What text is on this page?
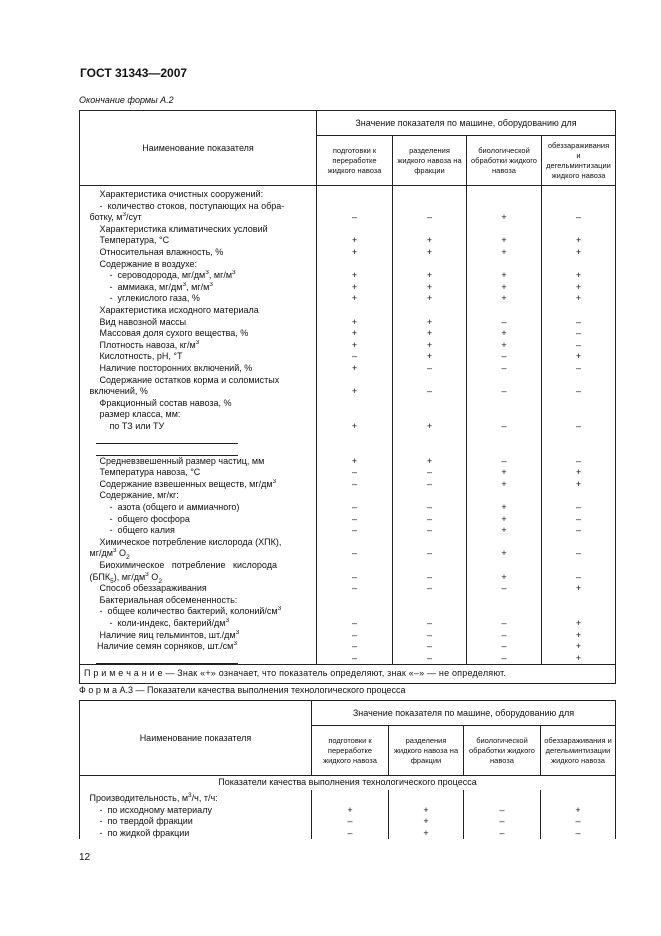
ГОСТ 31343—2007
Окончание формы А.2
Наименование показателя	Значение показателя по машине, оборудованию для			
	подготовки к переработке жидкого навоза	разделения жидкого навоза на фракции	биологической обработки жидкого навоза	обеззараживания и дегельминтизации жидкого навоза
Характеристика очистных сооружений:				
-  количество стоков, поступающих на обра-				
ботку, $м^3$/сут	–	–	+	–
Характеристика климатических условий				
Температура, °С	+	+	+	+
Относительная влажность, %	+	+	+	+
Содержание в воздухе:				
-  сероводорода, $мг/дм^3$, $мг/м^3$	+	+	+	+
-  аммиака, $мг/дм^3$, $мг/м^3$	+	+	+	+
-  углекислого газа, %	+	+	+	+
Характеристика исходного материала				
Вид навозной массы	+	+	–	–
Массовая доля сухого вещества, %	+	+	+	–
Плотность навоза, $кг/м^3$	+	+	+	–
Кислотность, рН, °Т	–	+	–	+
Наличие посторонних включений, %	+	–	–	–
Содержание остатков корма и соломистых				
включений, %	+	–	–	–
Фракционный состав навоза, %				
размер класса, мм:				
по ТЗ или ТУ	+	+	–	–

Средневзвешенный размер частиц, мм	+	+	–	–
Температура навоза, °С	–	–	+	+
Содержание взвешенных веществ, $мг/дм^3$	–	–	+	+
Содержание, мг/кг:				
-  азота (общего и аммиачного)	–	–	+	–
-  общего фосфора	–	–	+	–
-  общего калия	–	–	+	–
Химическое потребление кислорода (ХПК),				
$мг/дм^3$ $О_2$	–	–	+	–
Биохимическое   потребление   кислорода				
$(БПК_5)$, $мг/дм^3$ $О_2$	–	–	+	–
Способ обеззараживания	–	–	–	+
Бактериальная обсемененность:				
-  общее количество бактерий, колоний/$см^3$				
-  коли-индекс, бактерий/$дм^3$	–	–	–	+
Наличие яиц гельминтов, $шт./дм^3$	–	–	–	+
Наличие семян сорняков, $шт./см^3$	–	–	–	+
	–	–	–	+
П р и м е ч а н и е — Знак «+» означает, что показатель определяют, знак «–» — не определяют.				
Ф о р м а А.3 — Показатели качества выполнения технологического процесса
Наименование показателя	Значение показателя по машине, оборудованию для			
	подготовки к переработке жидкого навоза	разделения жидкого навоза на фракции	биологической обработки жидкого навоза	обеззараживания и дегельминтизации жидкого навоза
Показатели качества выполнения технологического процесса				
Производительность, $м^3/ч$, т/ч:				
-  по исходному материалу	+	+	–	+
-  по твердой фракции	–	+	–	–
-  по жидкой фракции	–	+	–	–
12
